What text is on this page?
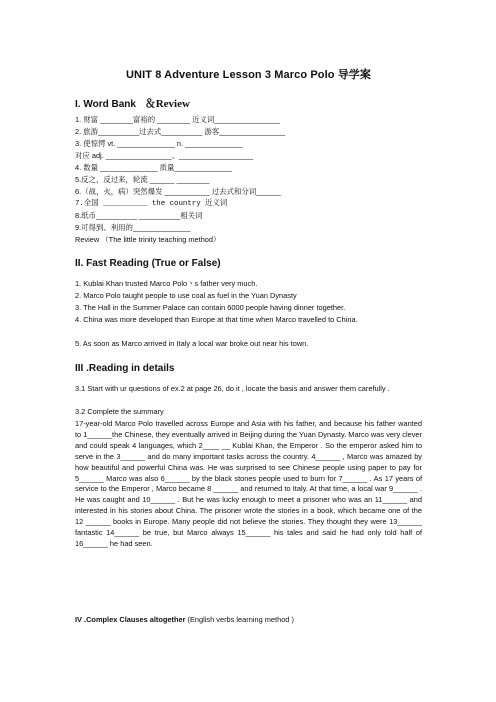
UNIT 8 Adventure Lesson 3 Marco Polo 导学案
I. Word Bank ＆Review
1. 财富 ________富裕的 ________ 近义词________________
2. 旅游__________过去式__________ 游客________________
3. 使惊愕 vt. ______________ n. ______________
对应 adj. ________________、__________________
4. 数量 ______________ 质量______________
5.反之，反过来，轮流 ______ ________
6.（战，火，病）突然爆发 ___________ 过去式和分词______
7.全国 __________ the country 近义词
8.纸币__________ __________相关词
9.可得到、利用的______________
Review （The little trinity teaching method）
II. Fast Reading (True or False)
1. Kublai Khan trusted Marco Polo丶s father very much.
2. Marco Polo taught people to use coal as fuel in the Yuan Dynasty
3. The Hall in the Summer Palace can contain 6000 people having dinner together.
4. China was more developed than Europe at that time when Marco travelled to China.
5. As soon as Marco arrived in Italy a local war broke out near his town.
III .Reading in details
3.1 Start with ur questions of ex.2 at page 26, do it , locate the basis and answer them carefully .
3.2 Complete the summary
17-year-old Marco Polo travelled across Europe and Asia with his father, and because his father wanted to 1______the Chinese, they eventually arrived in Beijing during the Yuan Dynasty. Marco was very clever and could speak 4 languages, which 2____ __ Kublai Khan, the Emperor . So the emperor asked him to serve in the 3______ and do many important tasks across the country. 4______ , Marco was amazed by how beautiful and powerful China was. He was surprised to see Chinese people using paper to pay for 5______ Marco was also 6______ by the black stones people used to burn for 7______ . As 17 years of service to the Emperor , Marco became 8 ______ and returned to Italy. At that time, a local war 9______ . He was caught and 10______ . But he was lucky enough to meet a prisoner who was an 11______ and interested in his stories about China. The prisoner wrote the stories in a book, which became one of the 12 ______ books in Europe. Many people did not believe the stories. They thought they were 13______ fantastic 14______ be true, but Marco always 15______ his tales and said he had only told half of 16______ he had seen.
IV .Complex Clauses altogether (English verbs learning method )
